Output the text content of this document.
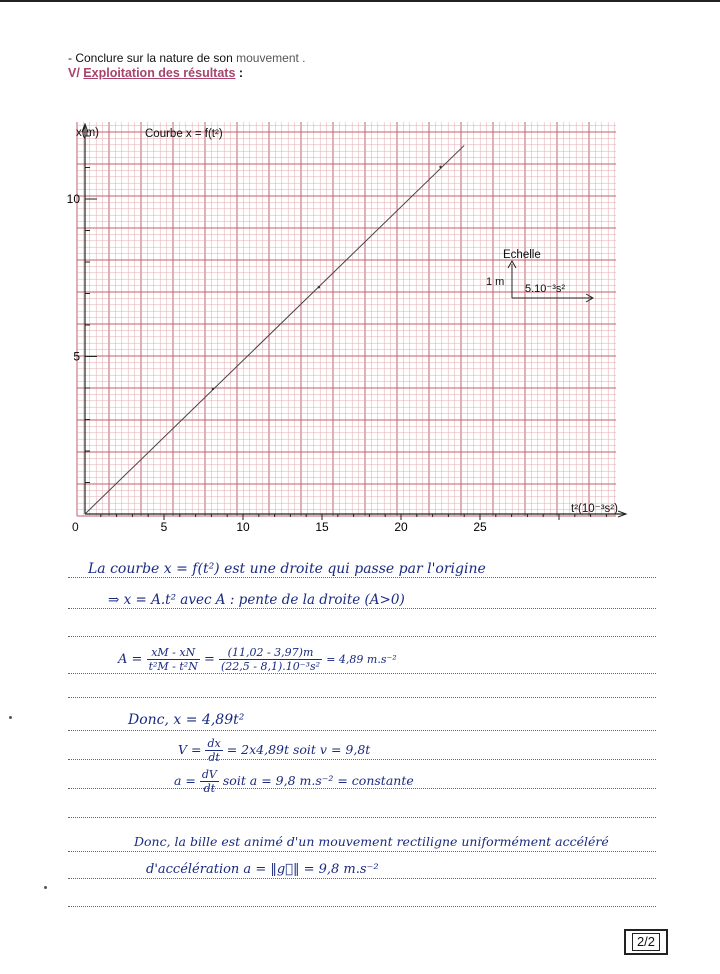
- Conclure sur la nature de son mouvement .
V/ Exploitation des résultats :
5	10	15	20	25
5
10
Courbe x = f(t²)
x(m)
t²(10⁻³s²)
0
Echelle
1 m
5.10⁻³s²
La courbe x = f(t²) est une droite qui passe par l'origine
⇒ x = A.t² avec A : pente de la droite (A>0)
$A = \frac{xM - xN}{\text{t²M - t²N}} = \frac{(11,02 - 3,97)m}{\text{(22,5 - 8,1).10⁻³s²}} = 4,89$ m.s⁻²
Donc, x = 4,89t²
$V = \frac{dx}{dt} = 2x4,89t$ soit v = 9,8t
$a = \frac{dV}{dt}$ soit a = 9,8 m.s⁻² = constante
Donc, la bille est animé d'un mouvement rectiligne uniformément accéléré
d'accélération a = ‖g⃗‖ = 9,8 m.s⁻²
2/2
